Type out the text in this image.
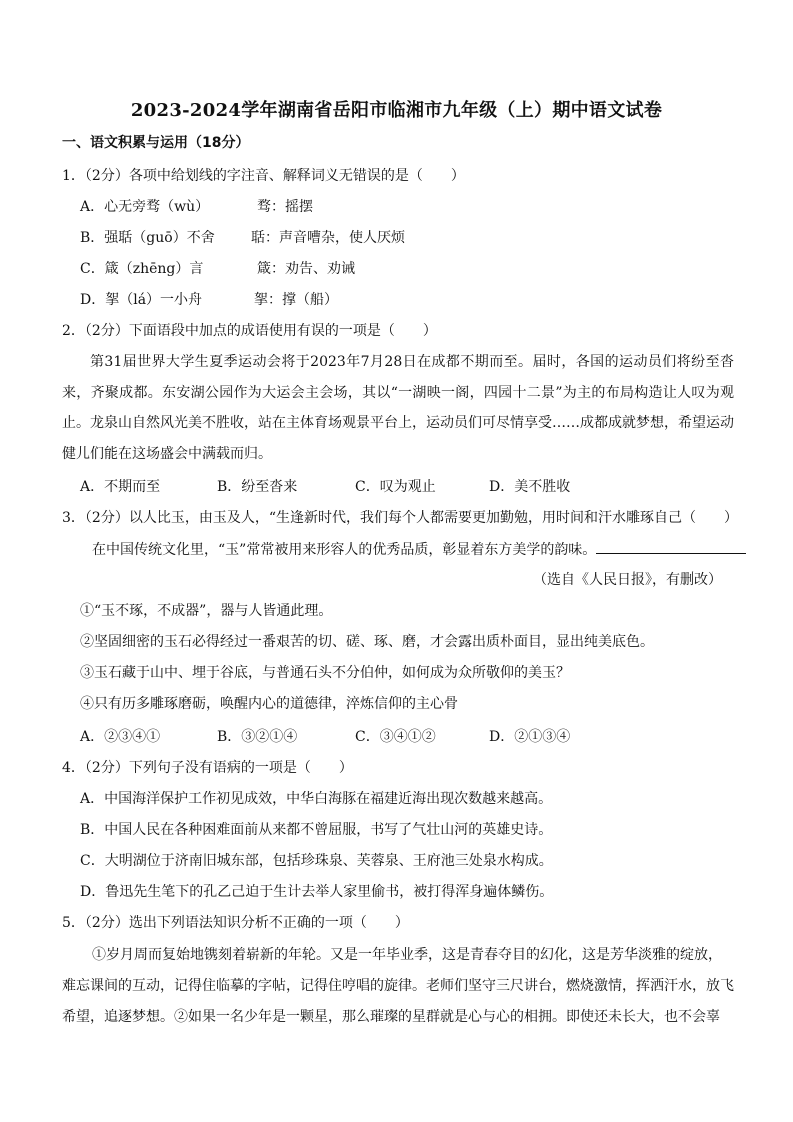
2023-2024学年湖南省岳阳市临湘市九年级（上）期中语文试卷
一、语文积累与运用（18分）
1．（2分）各项中给划线的字注音、解释词义无错误的是（　　）
A．心无旁骛（wù）	骛：摇摆
B．强聒（guō）不舍	聒：声音嘈杂，使人厌烦
C．箴（zhēng）言	箴：劝告、劝诫
D．挐（lá）一小舟	挐：撑（船）
2．（2分）下面语段中加点的成语使用有误的一项是（　　）
第31届世界大学生夏季运动会将于2023年7月28日在成都不期而至。届时，各国的运动员们将纷至沓来，齐聚成都。东安湖公园作为大运会主会场，其以“一湖映一阁，四园十二景”为主的布局构造让人叹为观止。龙泉山自然风光美不胜收，站在主体育场观景平台上，运动员们可尽情享受……成都成就梦想，希望运动健儿们能在这场盛会中满载而归。
A．不期而至	B．纷至沓来	C．叹为观止	D．美不胜收
3．（2分）以人比玉，由玉及人，“生逢新时代，我们每个人都需要更加勤勉，用时间和汗水雕琢自己（　　）
在中国传统文化里，“玉”常常被用来形容人的优秀品质，彰显着东方美学的韵味。
（选自《人民日报》，有删改）
①“玉不琢，不成器”，器与人皆通此理。
②坚固细密的玉石必得经过一番艰苦的切、磋、琢、磨，才会露出质朴面目，显出纯美底色。
③玉石藏于山中、埋于谷底，与普通石头不分伯仲，如何成为众所敬仰的美玉？
④只有历多雕琢磨砺，唤醒内心的道德律，淬炼信仰的主心骨
A．②③④①	B．③②①④	C．③④①②	D．②①③④
4．（2分）下列句子没有语病的一项是（　　）
A．中国海洋保护工作初见成效，中华白海豚在福建近海出现次数越来越高。
B．中国人民在各种困难面前从来都不曾屈服，书写了气壮山河的英雄史诗。
C．大明湖位于济南旧城东部，包括珍珠泉、芙蓉泉、王府池三处泉水构成。
D．鲁迅先生笔下的孔乙己迫于生计去举人家里偷书，被打得浑身遍体鳞伤。
5．（2分）选出下列语法知识分析不正确的一项（　　）
①岁月周而复始地镌刻着崭新的年轮。又是一年毕业季，这是青春夺目的幻化，这是芳华淡雅的绽放，
难忘课间的互动，记得住临摹的字帖，记得住哼唱的旋律。老师们坚守三尺讲台，燃烧激情，挥洒汗水，放飞
希望，追逐梦想。②如果一名少年是一颗星，那么璀璨的星群就是心与心的相拥。即使还未长大，也不会辜
